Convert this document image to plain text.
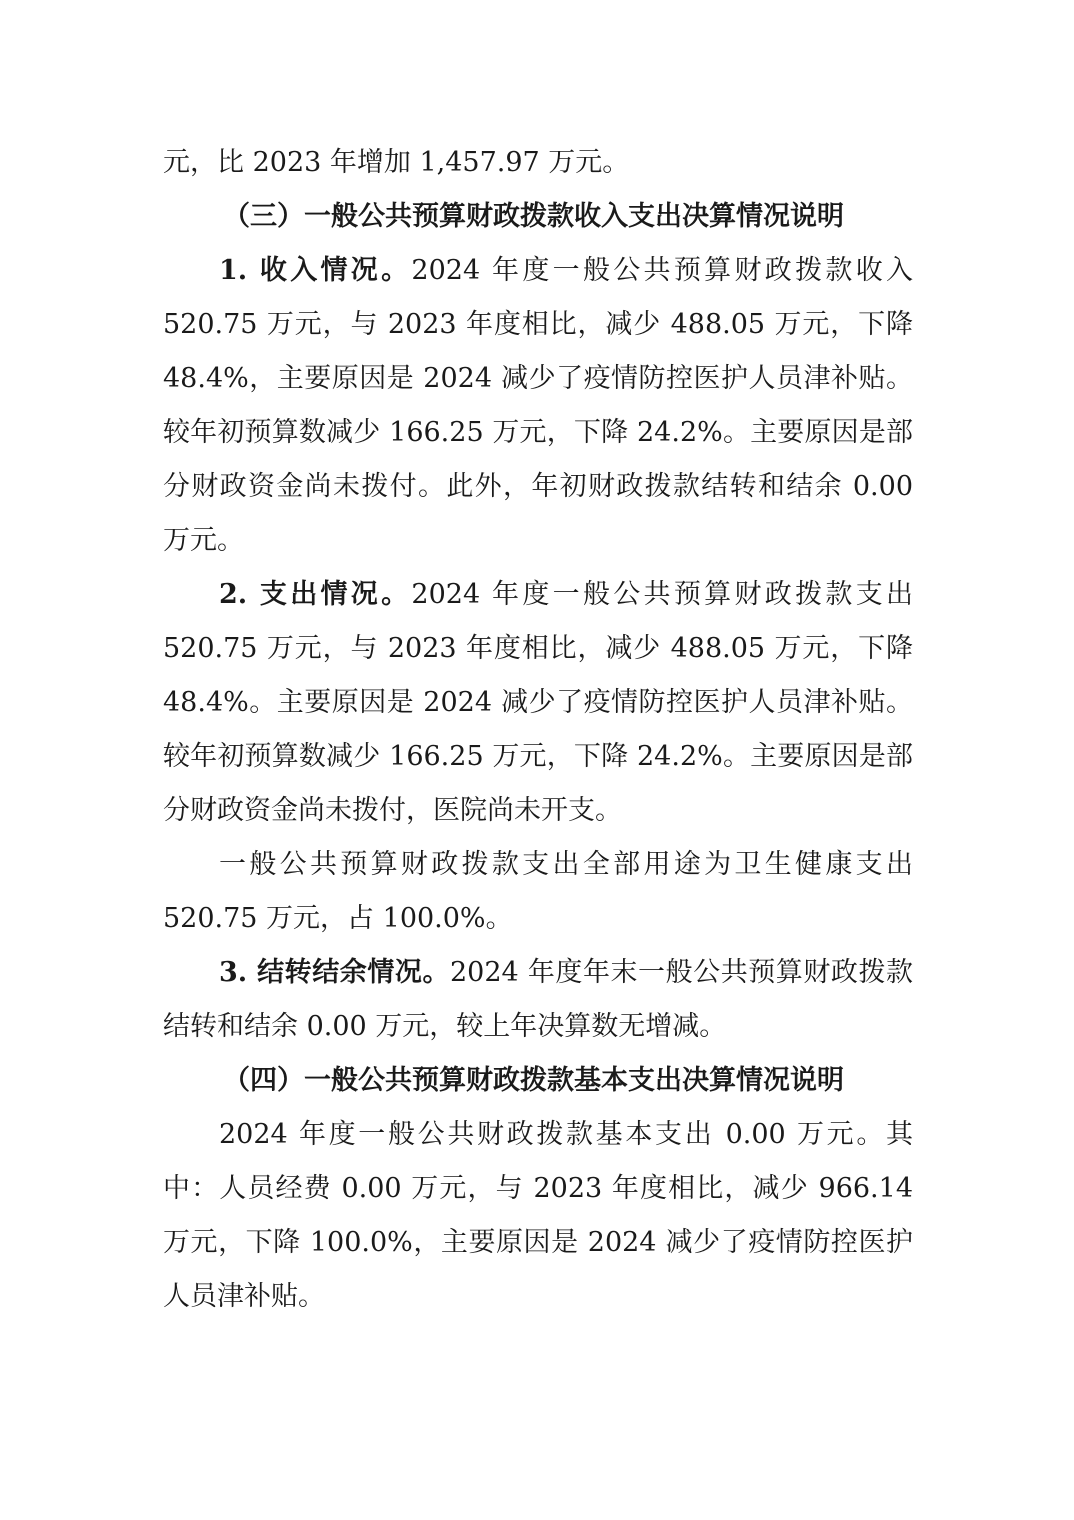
元，比 2023 年增加 1,457.97 万元。

（三）一般公共预算财政拨款收入支出决算情况说明

1. 收入情况。2024 年度一般公共预算财政拨款收入 520.75 万元，与 2023 年度相比，减少 488.05 万元，下降 48.4%，主要原因是 2024 减少了疫情防控医护人员津补贴。较年初预算数减少 166.25 万元，下降 24.2%。主要原因是部分财政资金尚未拨付。此外，年初财政拨款结转和结余 0.00 万元。

2. 支出情况。2024 年度一般公共预算财政拨款支出 520.75 万元，与 2023 年度相比，减少 488.05 万元，下降 48.4%。主要原因是 2024 减少了疫情防控医护人员津补贴。较年初预算数减少 166.25 万元，下降 24.2%。主要原因是部分财政资金尚未拨付，医院尚未开支。

一般公共预算财政拨款支出全部用途为卫生健康支出 520.75 万元，占 100.0%。

3. 结转结余情况。2024 年度年末一般公共预算财政拨款结转和结余 0.00 万元，较上年决算数无增减。

（四）一般公共预算财政拨款基本支出决算情况说明

2024 年度一般公共财政拨款基本支出 0.00 万元。其中：人员经费 0.00 万元，与 2023 年度相比，减少 966.14 万元，下降 100.0%，主要原因是 2024 减少了疫情防控医护人员津补贴。
